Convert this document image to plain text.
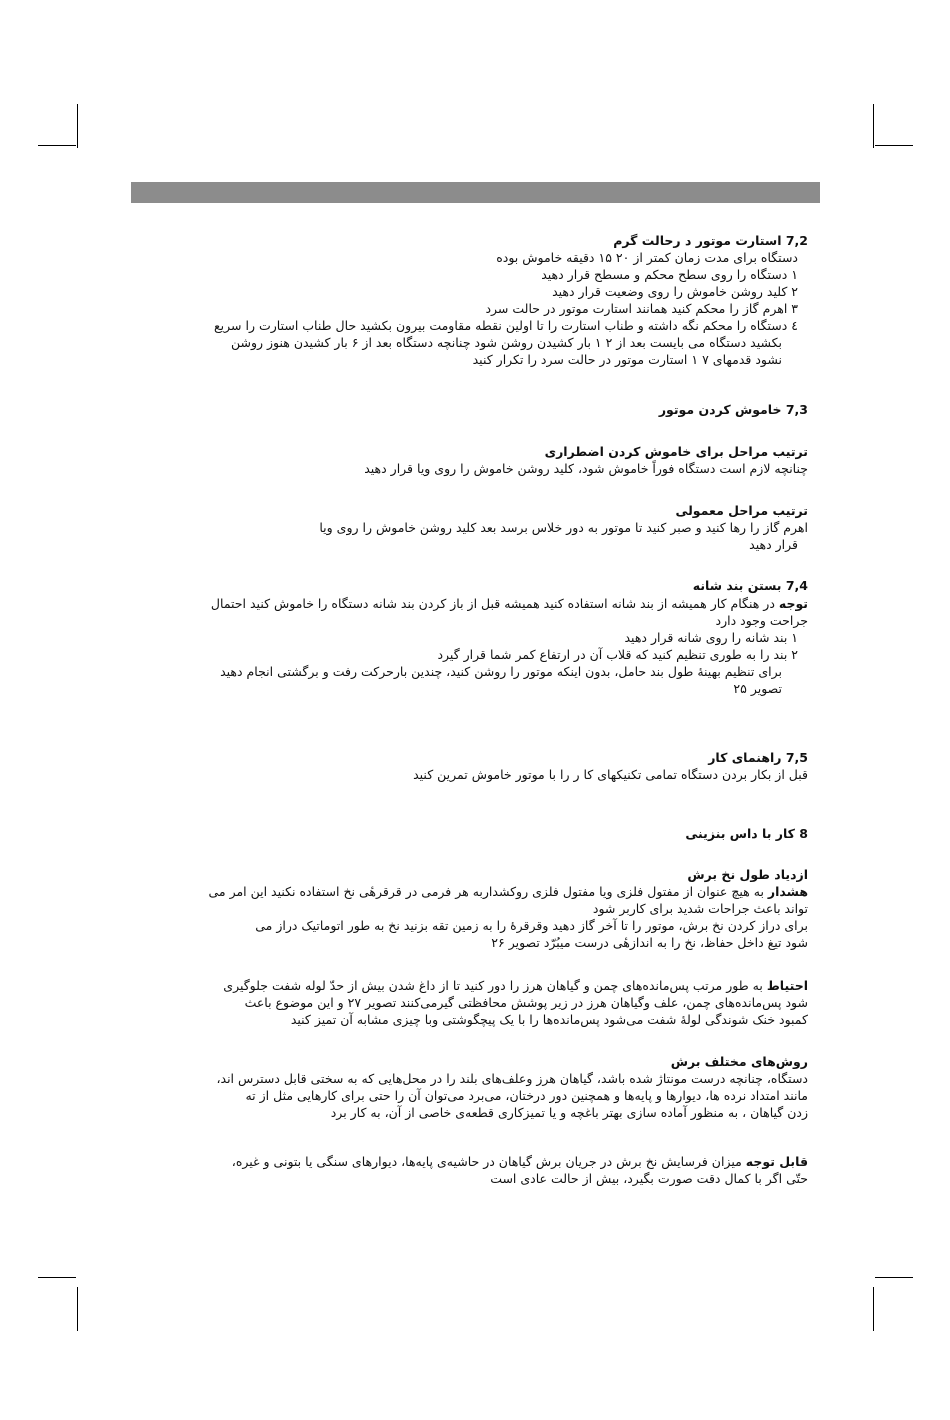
7,2 استارت موتور د رحالت گرم
دستگاه برای مدت زمان کمتر از ۲۰ ۱۵ دقیقه خاموش بوده
۱ دستگاه را روی سطح محکم و مسطح قرار دهید
۲ کلید روشن خاموش را روی وضعیت قرار دهید
۳ اهرم گاز را محکم کنید همانند استارت موتور در حالت سرد
٤ دستگاه را محکم نگه داشته و طناب استارت را تا اولین نقطه مقاومت بیرون بکشید حال طناب استارت را سریع
بکشید دستگاه می بایست بعد از ۲ ۱ بار کشیدن روشن شود چنانچه دستگاه بعد از ۶ بار کشیدن هنوز روشن
نشود قدمهای ۷ ۱ استارت موتور در حالت سرد را تکرار کنید
7,3 خاموش کردن موتور
ترتیب مراحل برای خاموش کردن اضطراری
چنانچه لازم است دستگاه فوراً خاموش شود، کلید روشن خاموش را روی ویا قرار دهید
ترتیب مراحل معمولی
اهرم گاز را رها کنید و صبر کنید تا موتور به دور خلاس برسد بعد کلید روشن خاموش را روی ویا
قرار دهید
7,4 بستن بند شانه
توجه در هنگام کار همیشه از بند شانه استفاده کنید همیشه قبل از باز کردن بند شانه دستگاه را خاموش کنید احتمال
جراحت وجود دارد
۱ بند شانه را روی شانه قرار دهید
۲ بند را به طوری تنظیم کنید که قلاب آن در ارتفاع کمر شما قرار گیرد
برای تنظیم بهینهٔ طول بند حامل، بدون اینکه موتور را روشن کنید، چندین بارحرکت رفت و برگشتی انجام دهید
تصویر ۲۵
7,5 راهنمای کار
قبل از بکار بردن دستگاه تمامی تکنیکهای کا ر را با موتور خاموش تمرین کنید
8 کار با داس بنزینی
ازدیاد طول نخ برش
هشدار به هیچ عنوان از مفتول فلزی ویا مفتول فلزی روکشداربه هر فرمی در قرقرهٔی نخ استفاده نکنید این امر می
تواند باعث جراحات شدید برای کاربر شود
برای دراز کردن نخ برش، موتور را تا آخر گاز دهید وقرقرهٔ را به زمین تقه بزنید نخ به طور اتوماتیک دراز می
شود تیغ داخل حفاظ، نخ را به اندازهٔی درست میبُرّد تصویر ۲۶
احتیاط به طور مرتب پس‌مانده‌های چمن و گیاهان هرز را دور کنید تا از داغ شدن بیش از حدّ لوله شفت جلوگیری
شود پس‌مانده‌های چمن، علف وگیاهان هرز در زیر پوشش محافظتی گیرمی‌کنند تصویر ۲۷ و این موضوع باعث
کمبود خنک شوندگی لولهٔ شفت می‌شود پس‌مانده‌ها را با یک پیچگوشتی وبا چیزی مشابه آن تمیز کنید
روش‌های مختلف برش
دستگاه، چنانچه درست مونتاژ شده باشد، گیاهان هرز وعلف‌های بلند را در محل‌هایی که به سختی قابل دسترس اند،
مانند امتداد نرده ها، دیوارها و پایه‌ها و همچنین دور درختان، می‌برد می‌توان آن را حتی برای کارهایی مثل از ته
زدن گیاهان ، به منظور آماده سازی بهتر باغچه و یا تمیزکاری قطعه‌ی خاصی از آن، به کار برد
قابل توجه میزان فرسایش نخ برش در جریان برش گیاهان در حاشیه‌ی پایه‌ها، دیوارهای سنگی یا بتونی و غیره،
حتّی اگر با کمال دقت صورت بگیرد، بیش از حالت عادی است
